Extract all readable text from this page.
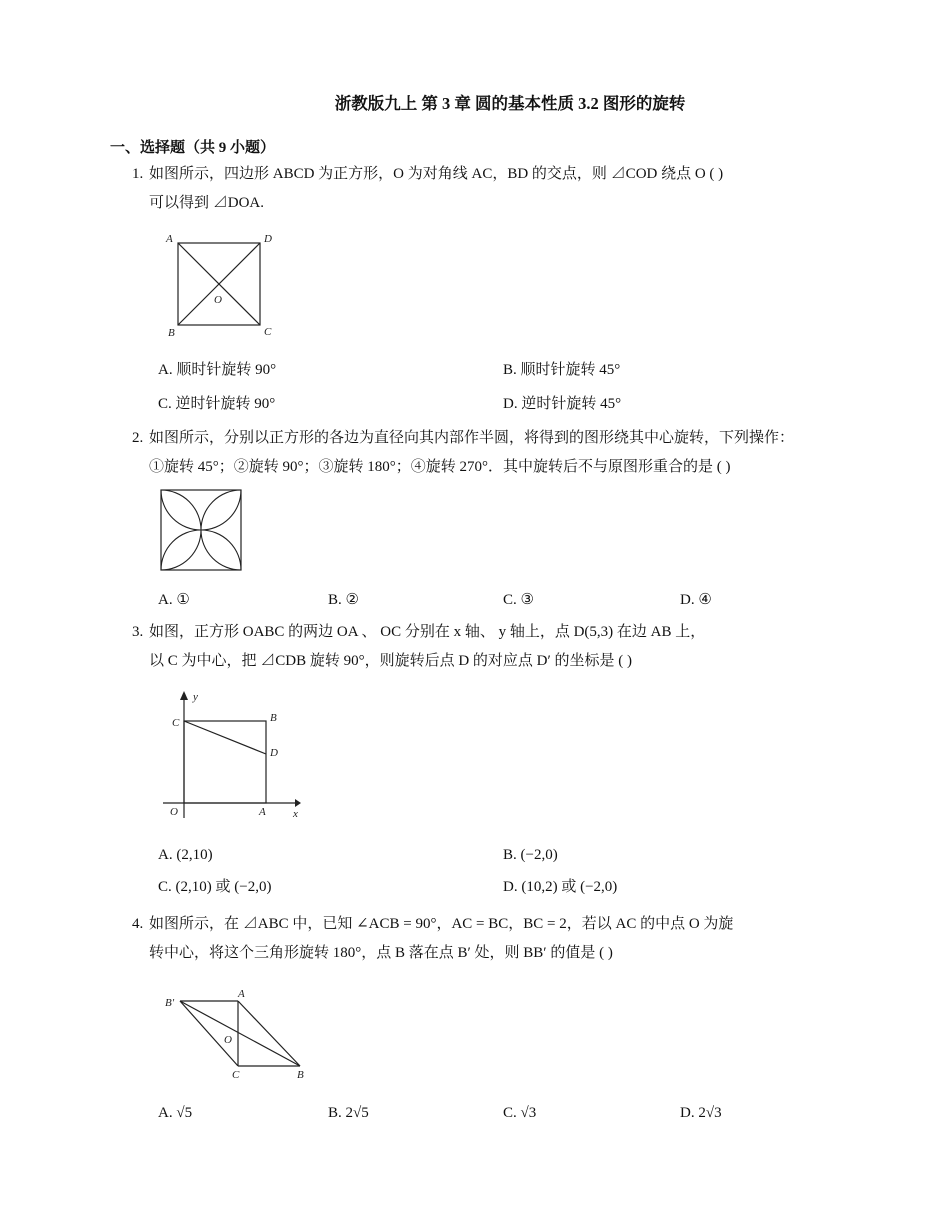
浙教版九上 第 3 章 圆的基本性质 3.2 图形的旋转
一、选择题（共 9 小题）
1. 如图所示，四边形 ABCD 为正方形，O 为对角线 AC，BD 的交点，则 ⊿COD 绕点 O ( )
可以得到 ⊿DOA.
A	D
O
B	C
A. 顺时针旋转 90°	B. 顺时针旋转 45°
C. 逆时针旋转 90°	D. 逆时针旋转 45°
2. 如图所示，分别以正方形的各边为直径向其内部作半圆，将得到的图形绕其中心旋转，下列操作：
①旋转 45°；②旋转 90°；③旋转 180°；④旋转 270°．其中旋转后不与原图形重合的是 ( )
A. ①	B. ②	C. ③	D. ④
3. 如图，正方形 OABC 的两边 OA 、 OC 分别在 x 轴、 y 轴上，点 D(5,3) 在边 AB 上，
以 C 为中心，把 ⊿CDB 旋转 90°，则旋转后点 D 的对应点 D′ 的坐标是 ( )
y
C	B
D
O	A x
A. (2,10)	B. (−2,0)
C. (2,10) 或 (−2,0)	D. (10,2) 或 (−2,0)
4. 如图所示，在 ⊿ABC 中，已知 ∠ACB = 90°，AC = BC，BC = 2，若以 AC 的中点 O 为旋
转中心，将这个三角形旋转 180°，点 B 落在点 B′ 处，则 BB′ 的值是 ( )
B′
A
O
C	B
A. √5	B. 2√5	C. √3	D. 2√3
